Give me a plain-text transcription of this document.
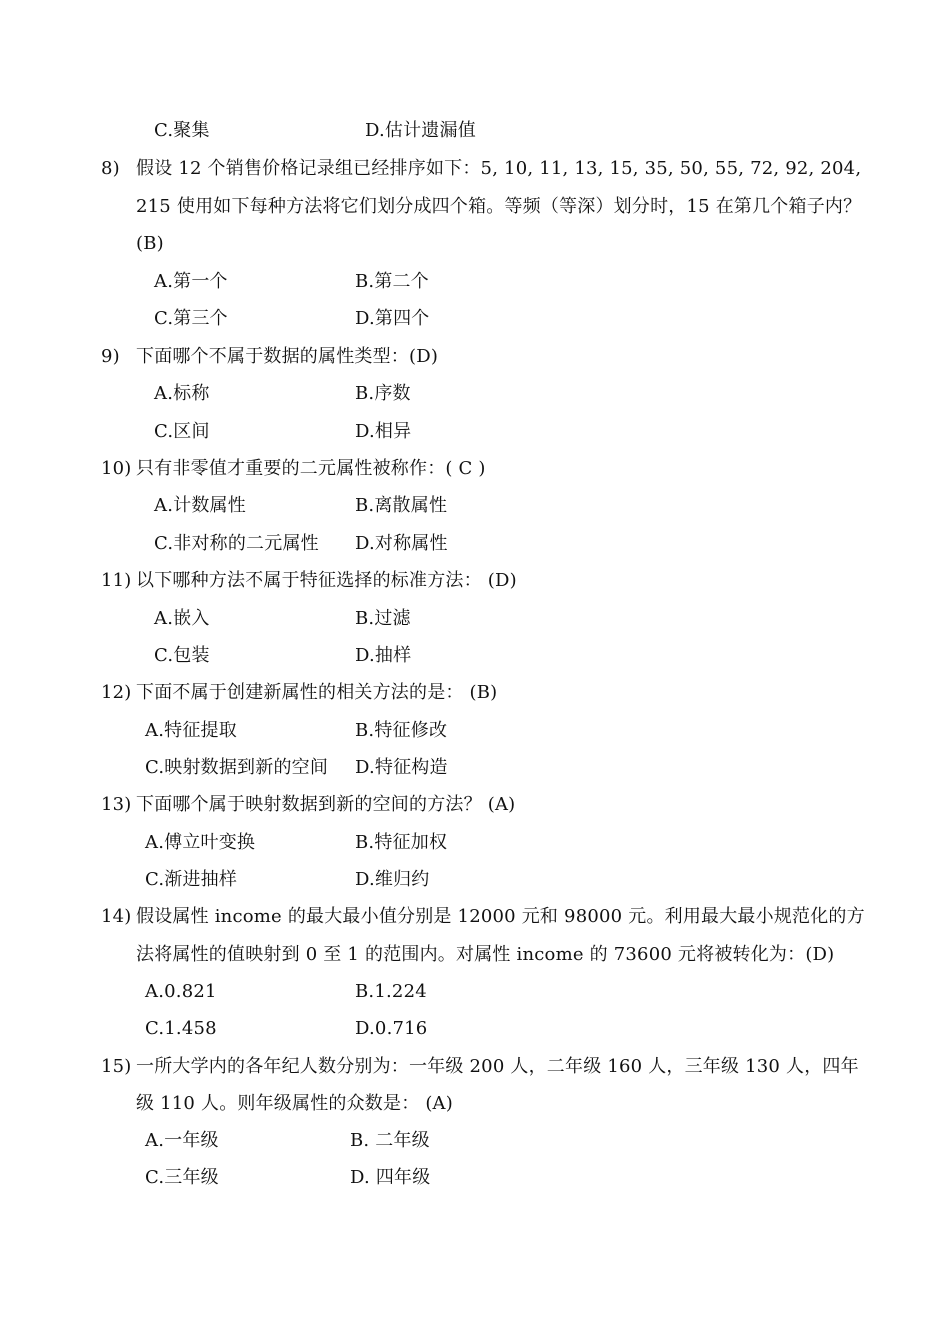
C.聚集	D.估计遗漏值
8) 假设 12 个销售价格记录组已经排序如下：5, 10, 11, 13, 15, 35, 50, 55, 72, 92, 204,
215 使用如下每种方法将它们划分成四个箱。等频（等深）划分时，15 在第几个箱子内？
(B)
A.第一个	B.第二个
C.第三个	D.第四个
9) 下面哪个不属于数据的属性类型：(D)
A.标称	B.序数
C.区间	D.相异
10) 只有非零值才重要的二元属性被称作：( C )
A.计数属性	B.离散属性
C.非对称的二元属性 D.对称属性
11) 以下哪种方法不属于特征选择的标准方法： (D)
A.嵌入	B.过滤
C.包装	D.抽样
12) 下面不属于创建新属性的相关方法的是： (B)
A.特征提取	B.特征修改
C.映射数据到新的空间 D.特征构造
13) 下面哪个属于映射数据到新的空间的方法？ (A)
A.傅立叶变换	B.特征加权
C.渐进抽样	D.维归约
14) 假设属性 income 的最大最小值分别是 12000 元和 98000 元。利用最大最小规范化的方
法将属性的值映射到 0 至 1 的范围内。对属性 income 的 73600 元将被转化为：(D)
A.0.821	B.1.224
C.1.458	D.0.716
15) 一所大学内的各年纪人数分别为：一年级 200 人，二年级 160 人，三年级 130 人，四年
级 110 人。则年级属性的众数是： (A)
A.一年级	B. 二年级
C.三年级	D. 四年级
